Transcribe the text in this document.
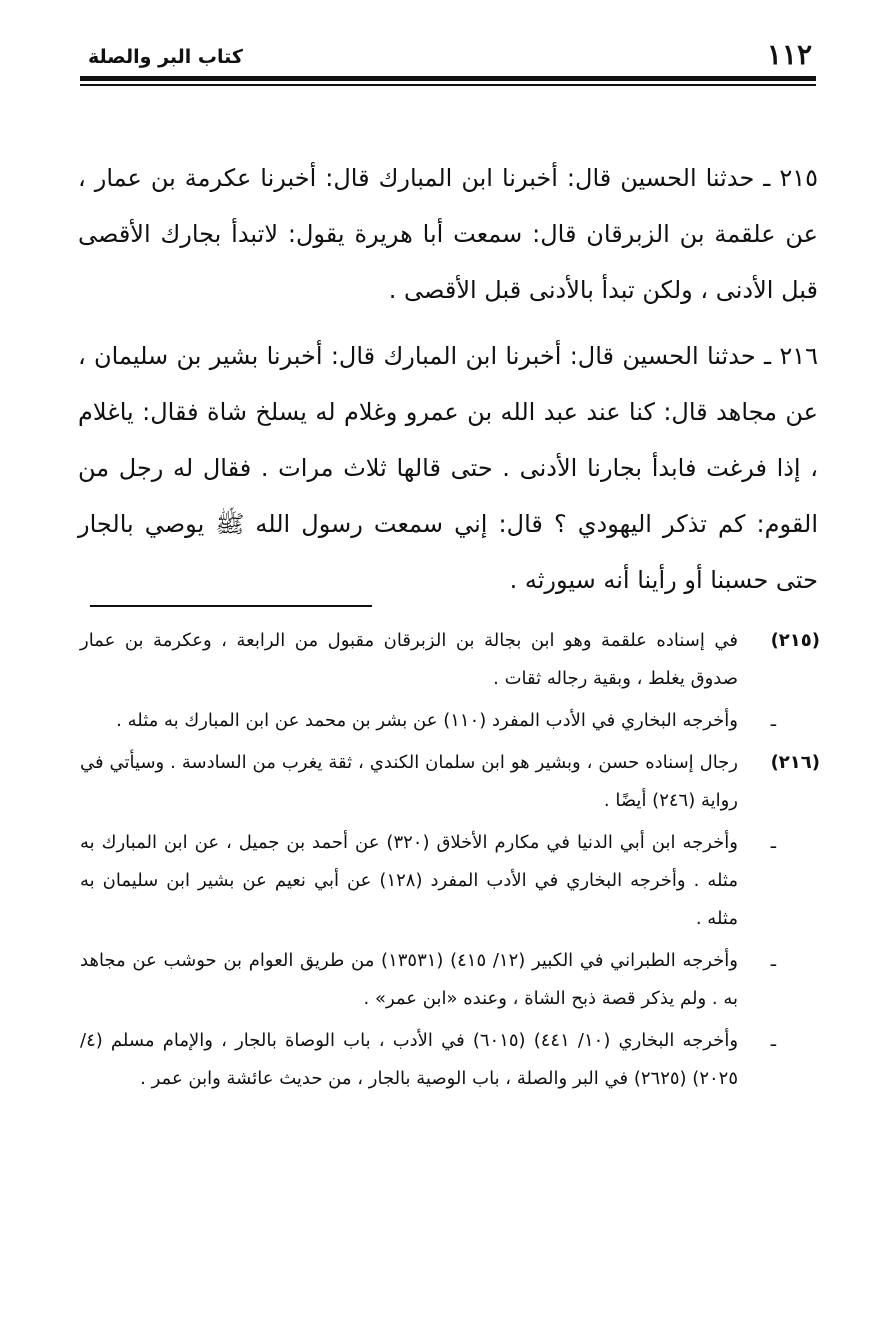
١١٢
كتاب البر والصلة

٢١٥ ـ حدثنا الحسين قال: أخبرنا ابن المبارك قال: أخبرنا عكرمة بن عمار ، عن علقمة بن الزبرقان قال: سمعت أبا هريرة يقول: لاتبدأ بجارك الأقصى قبل الأدنى ، ولكن تبدأ بالأدنى قبل الأقصى .

٢١٦ ـ حدثنا الحسين قال: أخبرنا ابن المبارك قال: أخبرنا بشير بن سليمان ، عن مجاهد قال: كنا عند عبد الله بن عمرو وغلام له يسلخ شاة فقال: ياغلام ، إذا فرغت فابدأ بجارنا الأدنى . حتى قالها ثلاث مرات . فقال له رجل من القوم: كم تذكر اليهودي ؟ قال: إني سمعت رسول الله ﷺ يوصي بالجار حتى حسبنا أو رأينا أنه سيورثه .

(٢١٥)
في إسناده علقمة وهو ابن بجالة بن الزبرقان مقبول من الرابعة ، وعكرمة بن عمار صدوق يغلط ، وبقية رجاله ثقات .
ـ
وأخرجه البخاري في الأدب المفرد (١١٠) عن بشر بن محمد عن ابن المبارك به مثله .
(٢١٦)
رجال إسناده حسن ، وبشير هو ابن سلمان الكندي ، ثقة يغرب من السادسة . وسيأتي في رواية (٢٤٦) أيضًا .
ـ
وأخرجه ابن أبي الدنيا في مكارم الأخلاق (٣٢٠) عن أحمد بن جميل ، عن ابن المبارك به مثله . وأخرجه البخاري في الأدب المفرد (١٢٨) عن أبي نعيم عن بشير ابن سليمان به مثله .
ـ
وأخرجه الطبراني في الكبير (١٢/ ٤١٥) (١٣٥٣١) من طريق العوام بن حوشب عن مجاهد به . ولم يذكر قصة ذبح الشاة ، وعنده «ابن عمر» .
ـ
وأخرجه البخاري (١٠/ ٤٤١) (٦٠١٥) في الأدب ، باب الوصاة بالجار ، والإمام مسلم (٤/ ٢٠٢٥) (٢٦٢٥) في البر والصلة ، باب الوصية بالجار ، من حديث عائشة وابن عمر .
